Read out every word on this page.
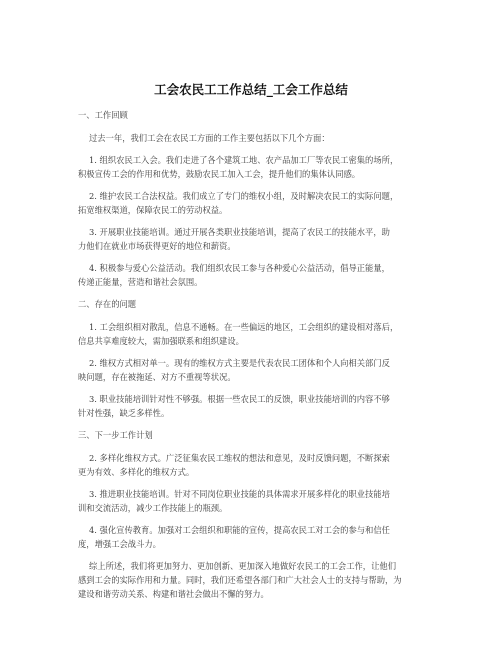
工会农民工工作总结_工会工作总结

一、工作回顾

过去一年，我们工会在农民工方面的工作主要包括以下几个方面：

1. 组织农民工入会。我们走进了各个建筑工地、农产品加工厂等农民工密集的场所，
积极宣传工会的作用和优势，鼓励农民工加入工会，提升他们的集体认同感。

2. 维护农民工合法权益。我们成立了专门的维权小组，及时解决农民工的实际问题，
拓宽维权渠道，保障农民工的劳动权益。

3. 开展职业技能培训。通过开展各类职业技能培训，提高了农民工的技能水平，助
力他们在就业市场获得更好的地位和薪资。

4. 积极参与爱心公益活动。我们组织农民工参与各种爱心公益活动，倡导正能量，
传递正能量，营造和谐社会氛围。

二、存在的问题

1. 工会组织相对散乱，信息不通畅。在一些偏远的地区，工会组织的建设相对落后，
信息共享难度较大，需加强联系和组织建设。

2. 维权方式相对单一。现有的维权方式主要是代表农民工团体和个人向相关部门反
映问题，存在被拖延、对方不重视等状况。

3. 职业技能培训针对性不够强。根据一些农民工的反馈，职业技能培训的内容不够
针对性强，缺乏多样性。

三、下一步工作计划

2. 多样化维权方式。广泛征集农民工维权的想法和意见，及时反馈问题，不断探索
更为有效、多样化的维权方式。

3. 推进职业技能培训。针对不同岗位职业技能的具体需求开展多样化的职业技能培
训和交流活动，减少工作技能上的瓶颈。

4. 强化宣传教育。加强对工会组织和职能的宣传，提高农民工对工会的参与和信任
度，增强工会战斗力。

综上所述，我们将更加努力、更加创新、更加深入地做好农民工的工会工作，让他们
感到工会的实际作用和力量。同时，我们还希望各部门和广大社会人士的支持与帮助，为
建设和谐劳动关系、构建和谐社会做出不懈的努力。
